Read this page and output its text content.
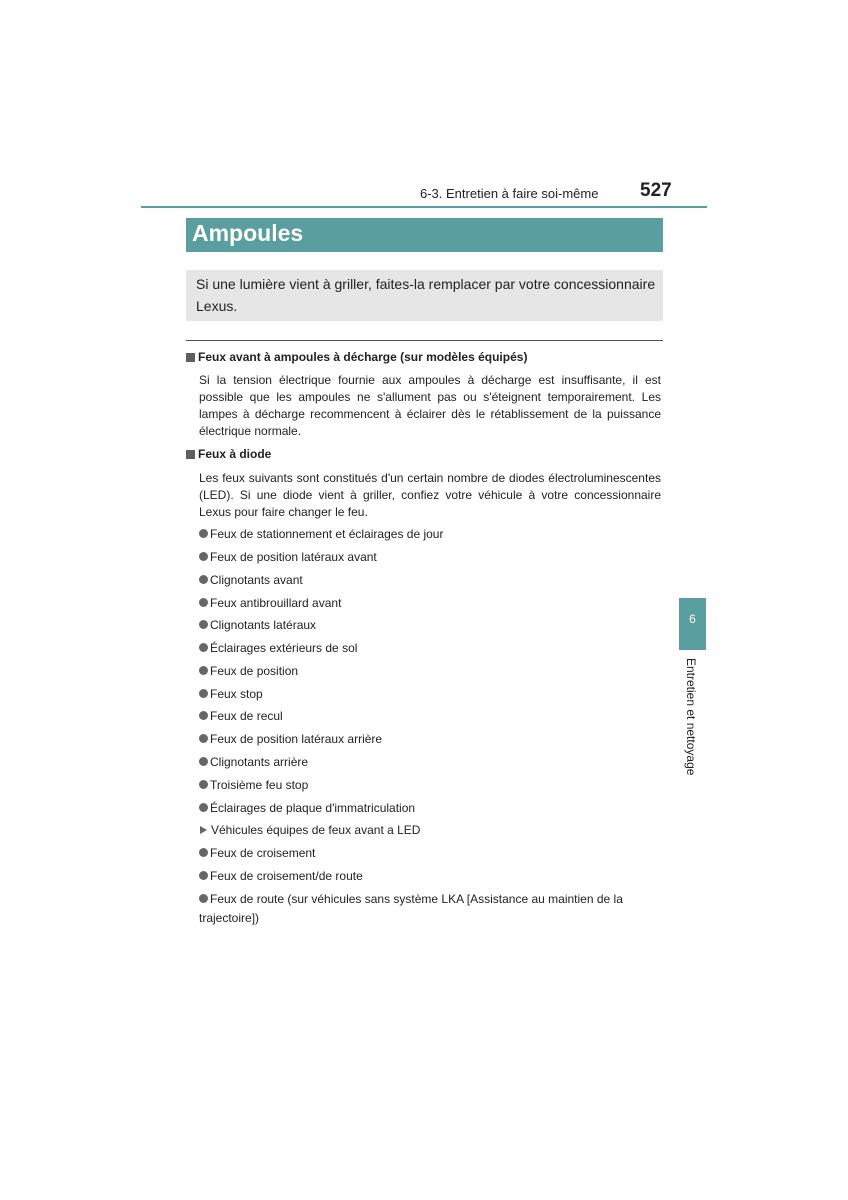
6-3. Entretien à faire soi-même 527
Ampoules
Si une lumière vient à griller, faites-la remplacer par votre concessionnaire Lexus.
Feux avant à ampoules à décharge (sur modèles équipés)
Si la tension électrique fournie aux ampoules à décharge est insuffisante, il est possible que les ampoules ne s'allument pas ou s'éteignent temporairement. Les lampes à décharge recommencent à éclairer dès le rétablissement de la puissance électrique normale.
Feux à diode
Les feux suivants sont constitués d'un certain nombre de diodes électroluminescentes (LED). Si une diode vient à griller, confiez votre véhicule à votre concessionnaire Lexus pour faire changer le feu.
Feux de stationnement et éclairages de jour
Feux de position latéraux avant
Clignotants avant
Feux antibrouillard avant
Clignotants latéraux
Éclairages extérieurs de sol
Feux de position
Feux stop
Feux de recul
Feux de position latéraux arrière
Clignotants arrière
Troisième feu stop
Éclairages de plaque d'immatriculation
Véhicules équipes de feux avant a LED
Feux de croisement
Feux de croisement/de route
Feux de route (sur véhicules sans système LKA [Assistance au maintien de la trajectoire])
6
Entretien et nettoyage
